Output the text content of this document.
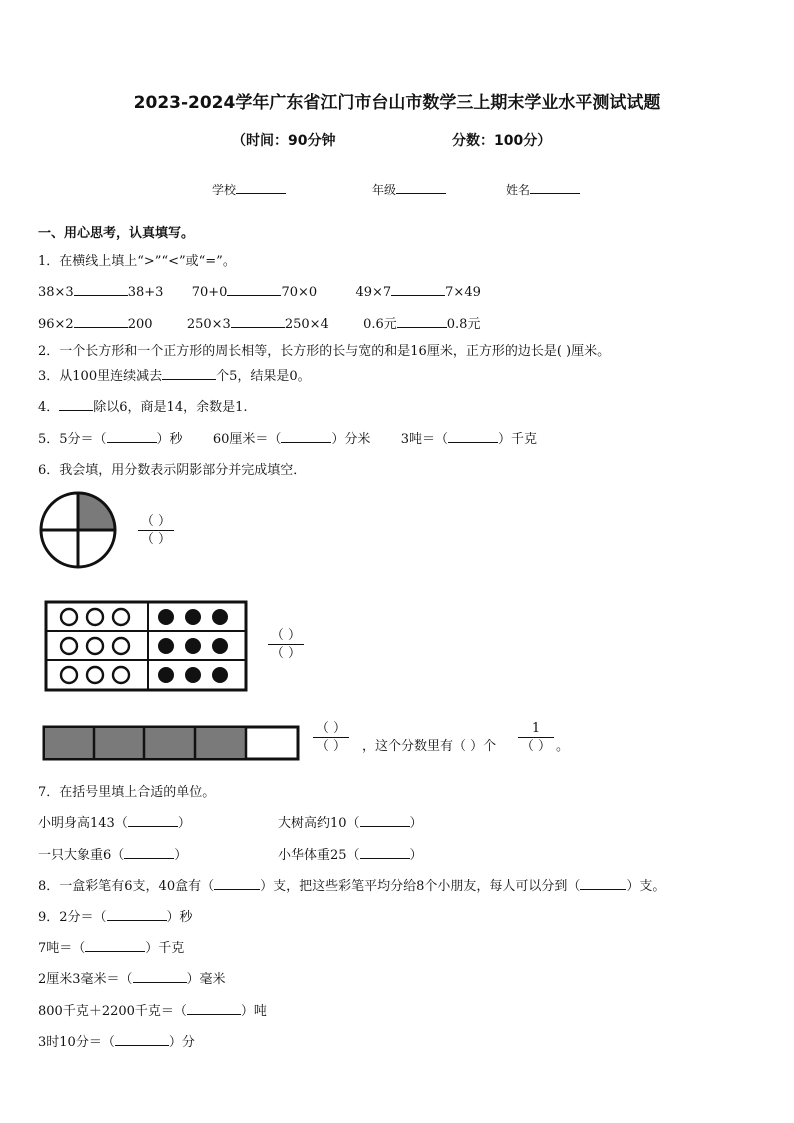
2023-2024学年广东省江门市台山市数学三上期末学业水平测试试题
（时间：90分钟	分数：100分）
学校	年级	姓名
一、用心思考，认真填写。
1．在横线上填上“>”“<”或“=”。
38×3	38+3 70+0	70×0	49×7	7×49
96×2	200	250×3	250×4	0.6元	0.8元
2．一个长方形和一个正方形的周长相等，长方形的长与宽的和是16厘米，正方形的边长是( )厘米。
3．从100里连续减去	个5，结果是0。
4．	除以6，商是14，余数是1.
5．5分＝（	）秒 60厘米＝（	）分米 3吨＝（	）千克
6．我会填，用分数表示阴影部分并完成填空．
（ ）
（ ）
（ ）
（ ）
（ ）
（ ）	，这个分数里有（ ）个
1
（ ） 。
7．在括号里填上合适的单位。
小明身高143（	）	大树高约10（	）
一只大象重6（	）	小华体重25（	）
8．一盒彩笔有6支，40盒有（	）支，把这些彩笔平均分给8个小朋友，每人可以分到（	）支。
9．2分＝（	）秒
7吨＝（	）千克
2厘米3毫米＝（	）毫米
800千克＋2200千克＝（	）吨
3时10分＝（	）分
